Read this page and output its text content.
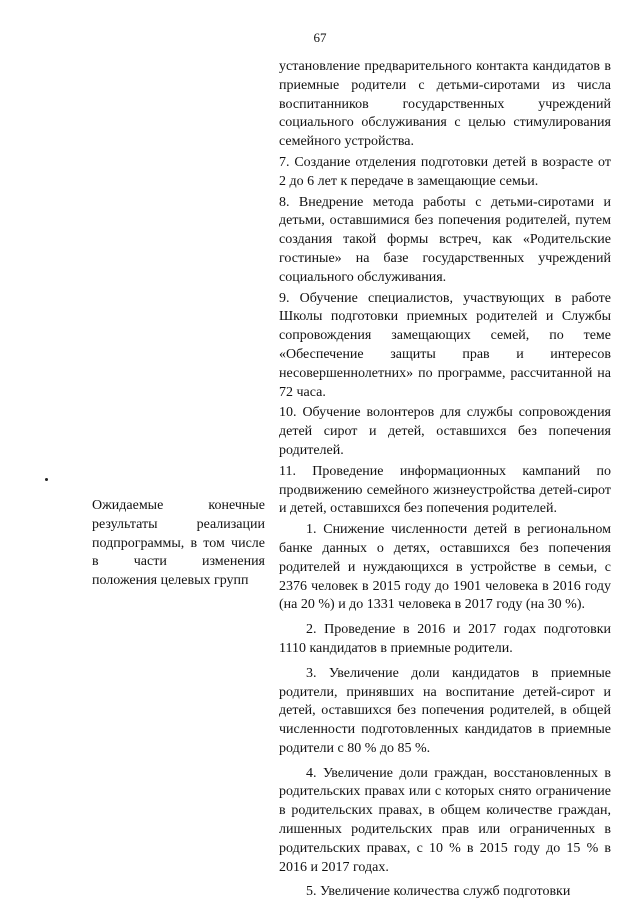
67

установление предварительного контакта кандидатов в приемные родители с детьми-сиротами из числа воспитанников государственных учреждений социального обслуживания с целью стимулирования семейного устройства.

7. Создание отделения подготовки детей в возрасте от 2 до 6 лет к передаче в замещающие семьи.

8. Внедрение метода работы с детьми-сиротами и детьми, оставшимися без попечения родителей, путем создания такой формы встреч, как «Родительские гостиные» на базе государственных учреждений социального обслуживания.

9. Обучение специалистов, участвующих в работе Школы подготовки приемных родителей и Службы сопровождения замещающих семей, по теме «Обеспечение защиты прав и интересов несовершеннолетних» по программе, рассчитанной на 72 часа.

10. Обучение волонтеров для службы сопровождения детей сирот и детей, оставшихся без попечения родителей.

11. Проведение информационных кампаний по продвижению семейного жизнеустройства детей-сирот и детей, оставшихся без попечения родителей.

1. Снижение численности детей в региональном банке данных о детях, оставшихся без попечения родителей и нуждающихся в устройстве в семьи, с 2376 человек в 2015 году до 1901 человека в 2016 году (на 20 %) и до 1331 человека в 2017 году (на 30 %).

2. Проведение в 2016 и 2017 годах подготовки 1110 кандидатов в приемные родители.

3. Увеличение доли кандидатов в приемные родители, принявших на воспитание детей-сирот и детей, оставшихся без попечения родителей, в общей численности подготовленных кандидатов в приемные родители с 80 % до 85 %.

4. Увеличение доли граждан, восстановленных в родительских правах или с которых снято ограничение в родительских правах, в общем количестве граждан, лишенных родительских прав или ограниченных в родительских правах, с 10 % в 2015 году до 15 % в 2016 и 2017 годах.

5. Увеличение количества служб подготовки

Ожидаемые конечные результаты реализации подпрограммы, в том числе в части изменения положения целевых групп
